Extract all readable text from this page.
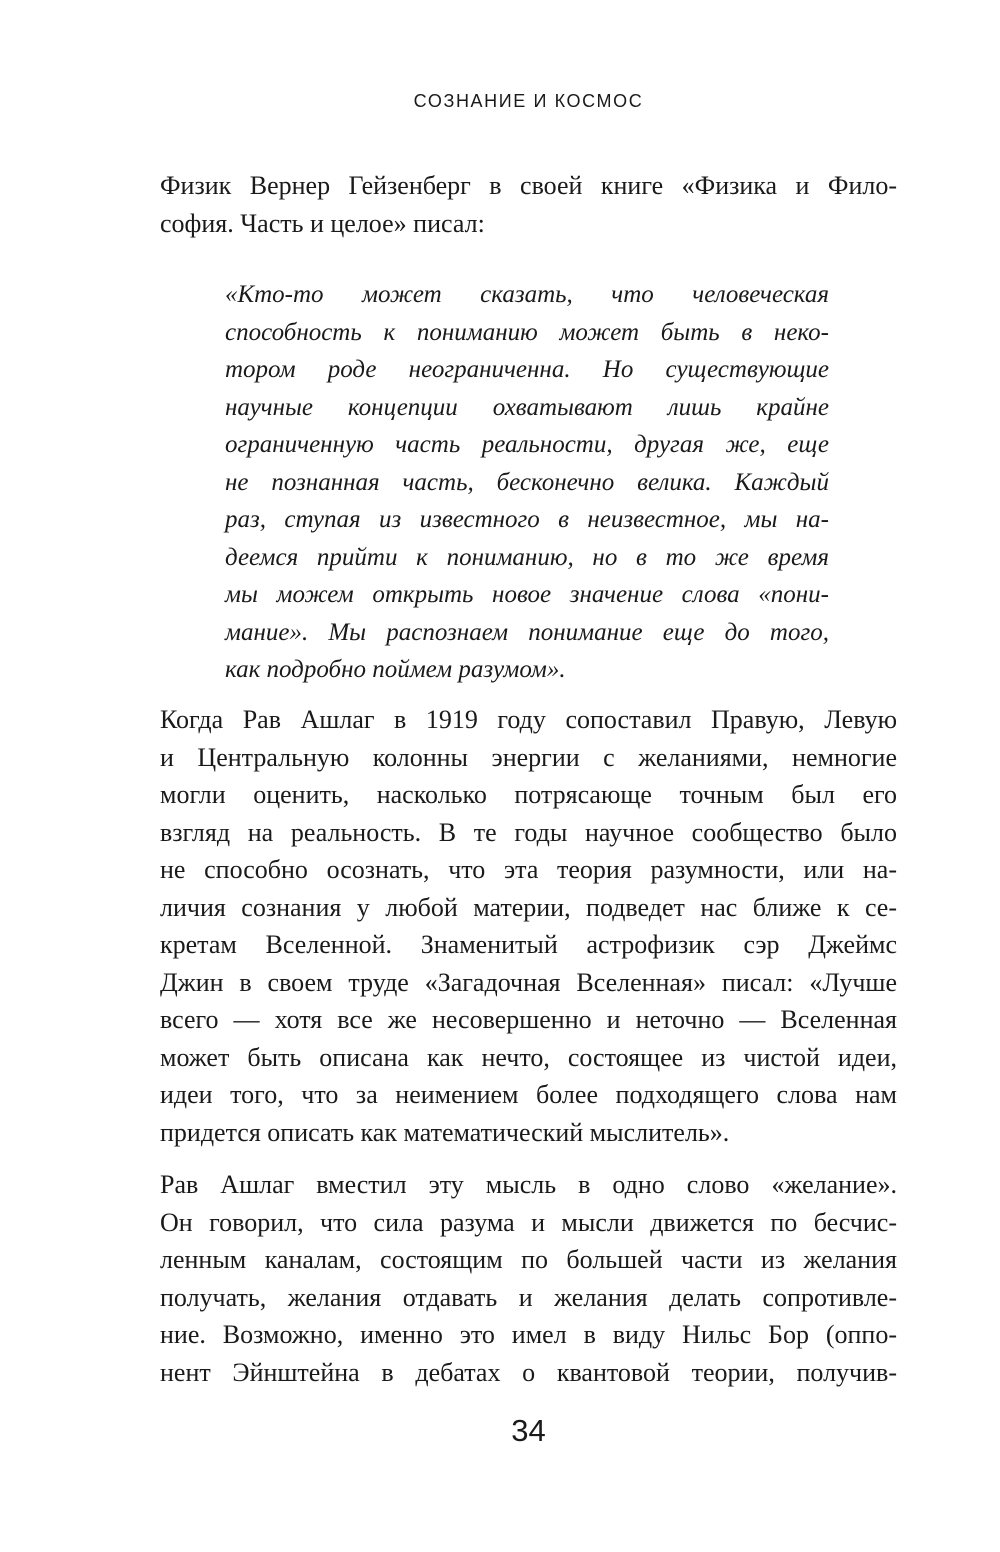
СОЗНАНИЕ И КОСМОС
Физик Вернер Гейзенберг в своей книге «Физика и Фило-
софия. Часть и целое» писал:
«Кто-то может сказать, что человеческая
способность к пониманию может быть в неко-
тором роде неограниченна. Но существующие
научные концепции охватывают лишь крайне
ограниченную часть реальности, другая же, еще
не познанная часть, бесконечно велика. Каждый
раз, ступая из известного в неизвестное, мы на-
деемся прийти к пониманию, но в то же время
мы можем открыть новое значение слова «пони-
мание». Мы распознаем понимание еще до того,
как подробно поймем разумом».
Когда Рав Ашлаг в 1919 году сопоставил Правую, Левую
и Центральную колонны энергии с желаниями, немногие
могли оценить, насколько потрясающе точным был его
взгляд на реальность. В те годы научное сообщество было
не способно осознать, что эта теория разумности, или на-
личия сознания у любой материи, подведет нас ближе к се-
кретам Вселенной. Знаменитый астрофизик сэр Джеймс
Джин в своем труде «Загадочная Вселенная» писал: «Лучше
всего — хотя все же несовершенно и неточно — Вселенная
может быть описана как нечто, состоящее из чистой идеи,
идеи того, что за неимением более подходящего слова нам
придется описать как математический мыслитель».
Рав Ашлаг вместил эту мысль в одно слово «желание».
Он говорил, что сила разума и мысли движется по бесчис-
ленным каналам, состоящим по большей части из желания
получать, желания отдавать и желания делать сопротивле-
ние. Возможно, именно это имел в виду Нильс Бор (оппо-
нент Эйнштейна в дебатах о квантовой теории, получив-
34
